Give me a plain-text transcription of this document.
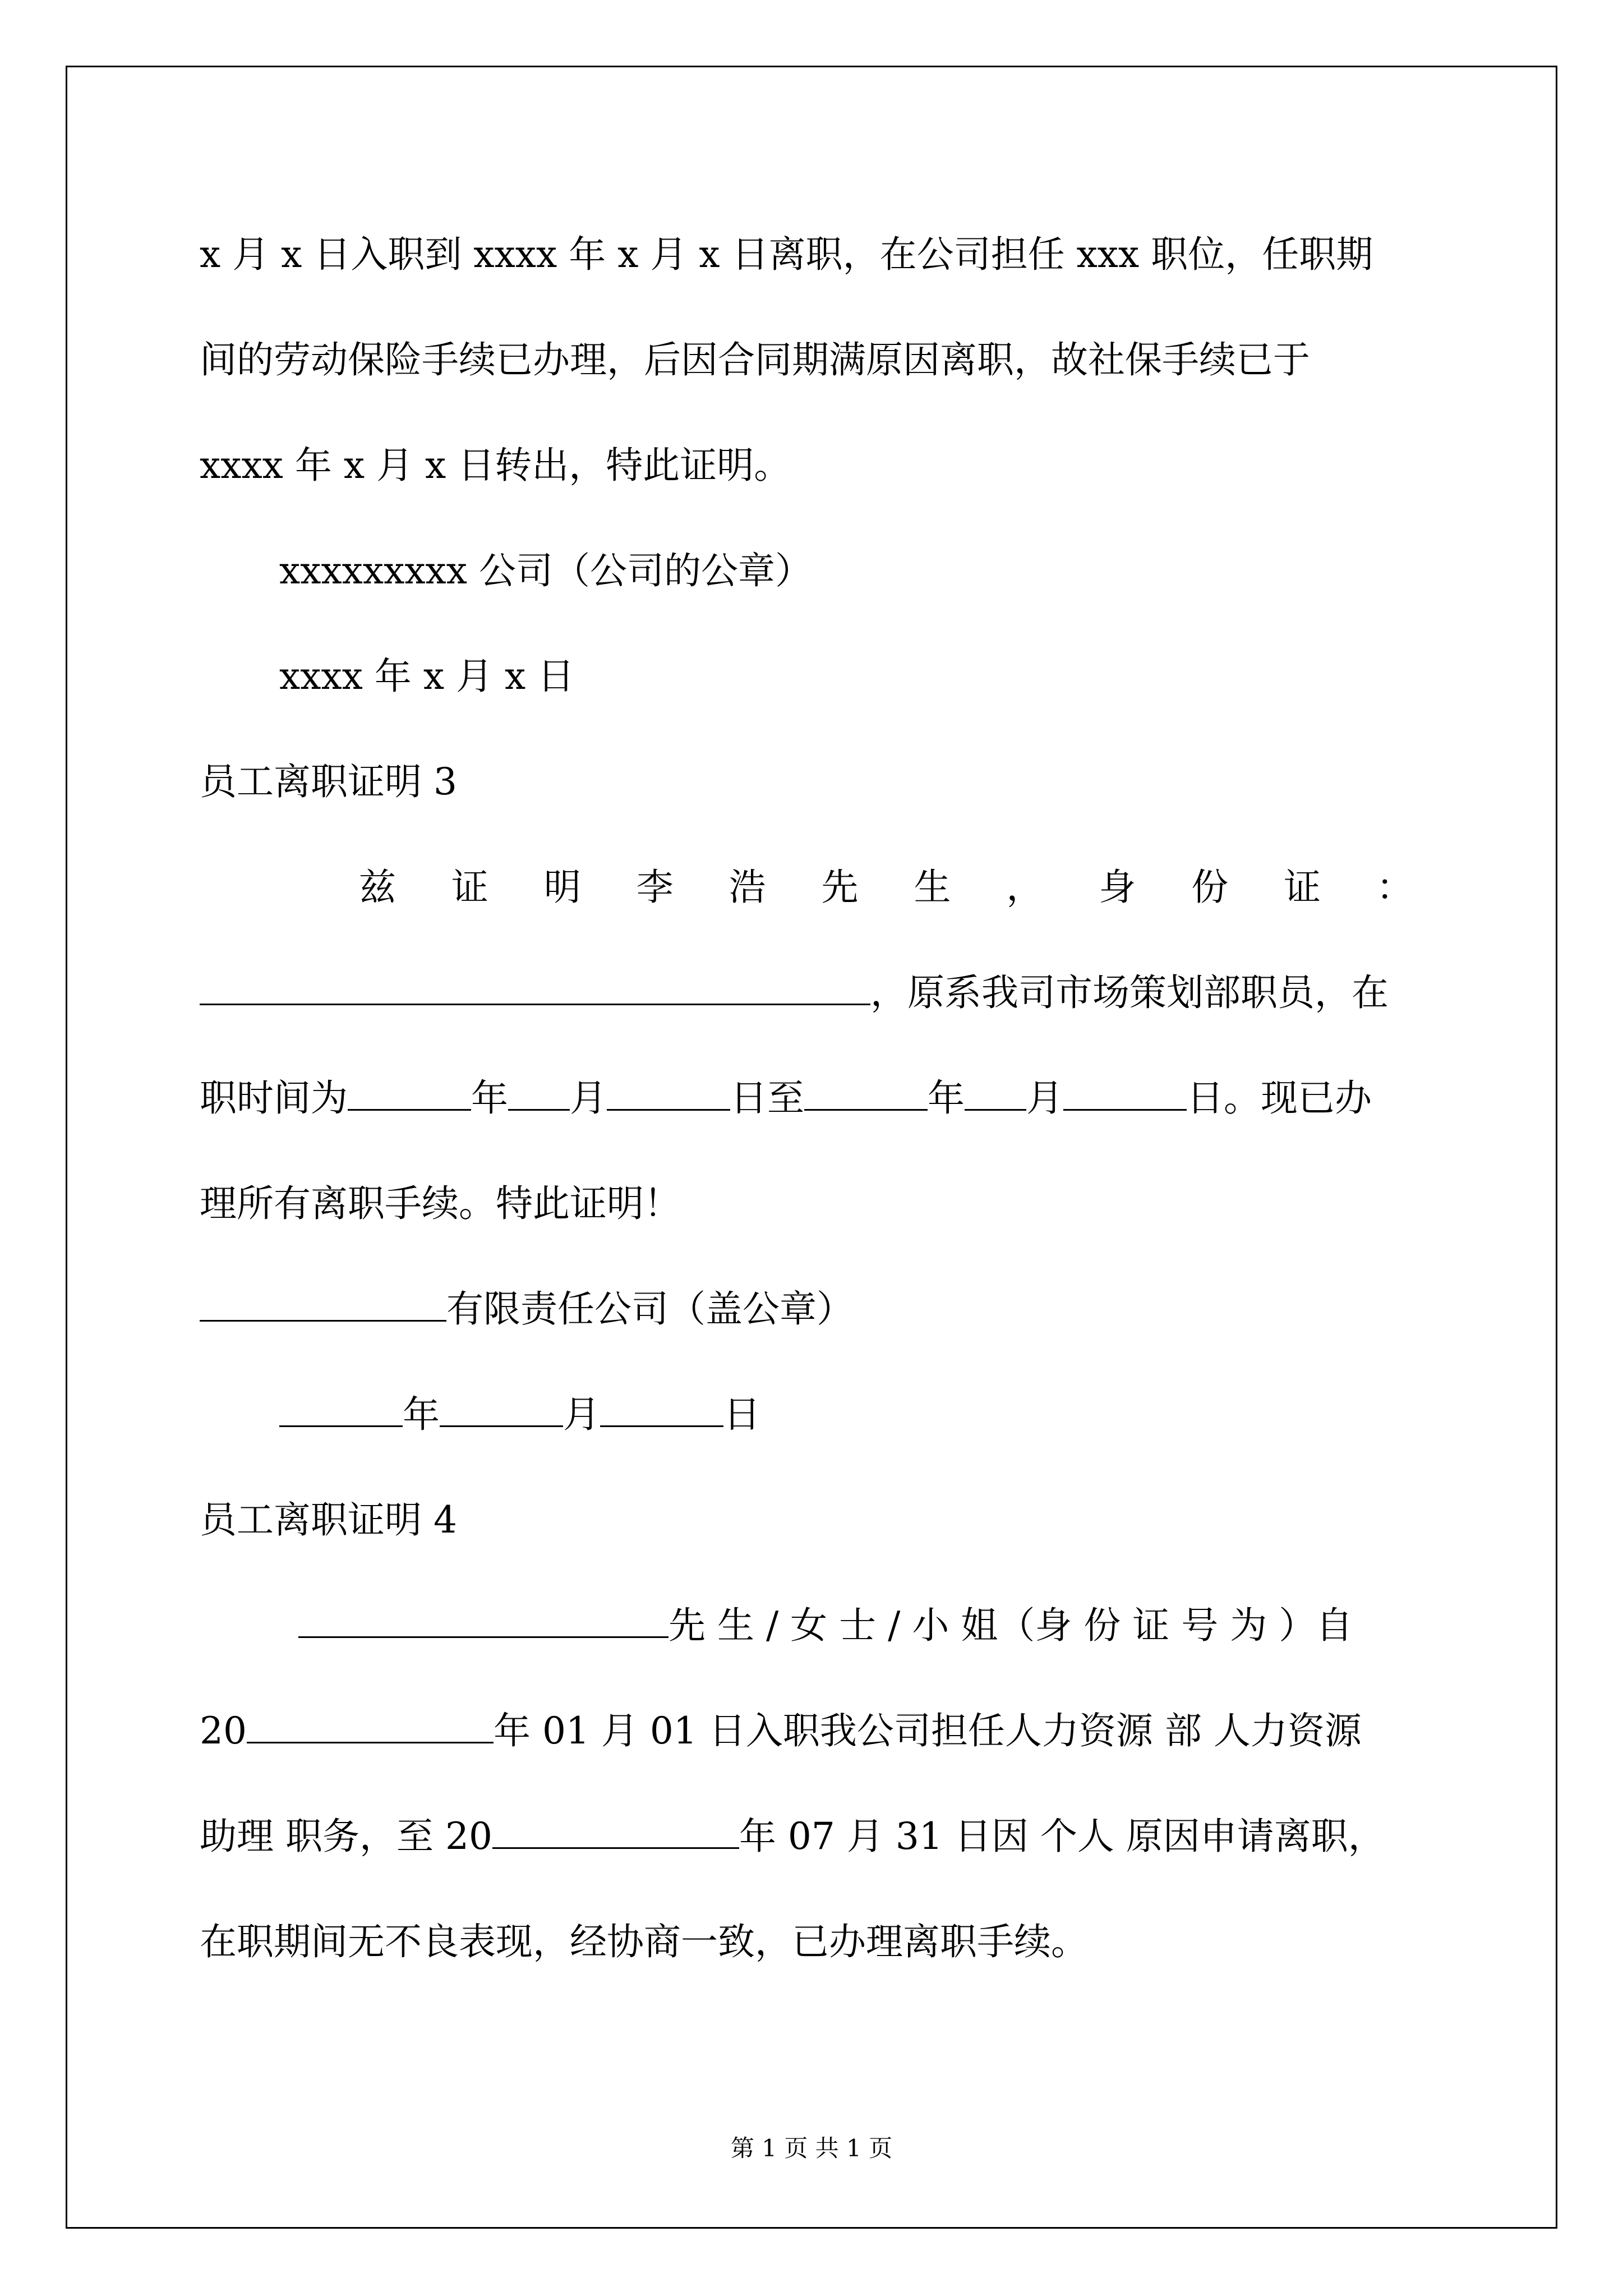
x 月 x 日入职到 xxxx 年 x 月 x 日离职，在公司担任 xxx 职位，任职期
间的劳动保险手续已办理，后因合同期满原因离职，故社保手续已于
xxxx 年 x 月 x 日转出，特此证明。
xxxxxxxxx 公司（公司的公章）
xxxx 年 x 月 x 日
员工离职证明 3
兹 证 明 李 浩 先 生 ， 身 份 证 ：
，原系我司市场策划部职员，在
职时间为	年 月	日至	年 月	日。现已办
理所有离职手续。特此证明！
有限责任公司（盖公章）
年	月	日
员工离职证明 4
先 生 / 女 士 / 小 姐（身 份 证 号 为 ）自
20	年 01 月 01 日入职我公司担任人力资源 部 人力资源
助理 职务，至 20	年 07 月 31 日因 个人 原因申请离职，
在职期间无不良表现，经协商一致，已办理离职手续。
第 1 页 共 1 页
